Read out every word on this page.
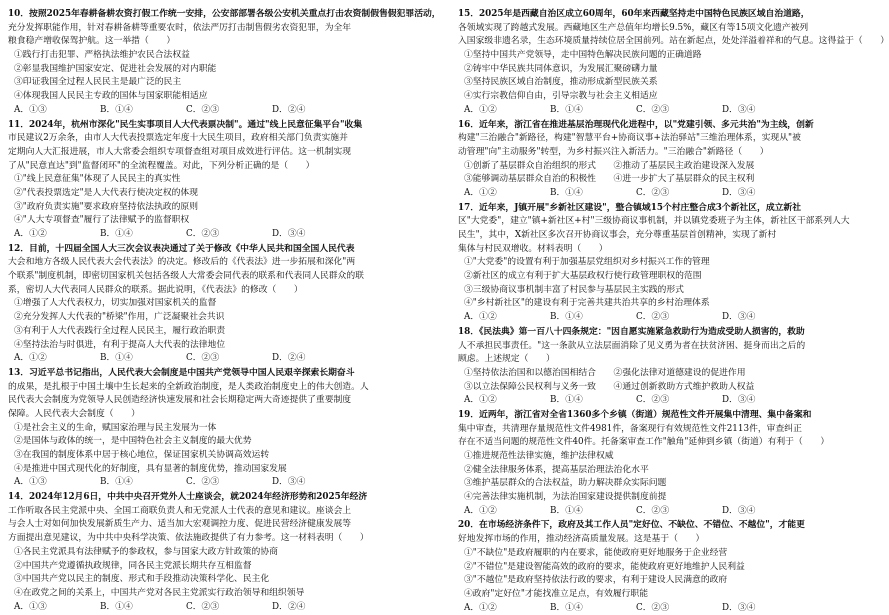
10．按照2025年春耕备耕农资打假工作统一安排，公安部部署各级公安机关重点打击农资制假售假犯罪活动，
充分发挥职能作用，针对春耕备耕等重要农时，依法严厉打击制售假劣农资犯罪，为全年
粮食稳产增收保驾护航。这一举措（　　）
①践行打击犯罪、严格执法维护农民合法权益
②彰显我国维护国家安定、促进社会发展的对内职能
③印证我国全过程人民民主是最广泛的民主
④体现我国人民民主专政的国体与国家职能相适应
A．①③	B．①④	C．②③	D．②④
11．2024年，杭州市深化"民生实事项目人大代表票决制"。通过"线上民意征集平台"收集
市民建议2万余条，由市人大代表投票选定年度十大民生项目，政府相关部门负责实施并
定期向人大汇报进展，市人大常委会组织专项督查组对项目成效进行评估。这一机制实现
了从"民意直达"到"监督闭环"的全流程覆盖。对此，下列分析正确的是（　　）
①"线上民意征集"体现了人民民主的真实性
②"代表投票选定"是人大代表行使决定权的体现
③"政府负责实施"要求政府坚持依法执政的原则
④"人大专项督查"履行了法律赋予的监督职权
A．①②	B．①④	C．②③	D．③④
12．目前，十四届全国人大三次会议表决通过了关于修改《中华人民共和国全国人民代表
大会和地方各级人民代表大会代表法》的决定。修改后的《代表法》进一步拓展和深化"两
个联系"制度机制，即密切国家机关包括各级人大常委会同代表的联系和代表同人民群众的联
系，密切人大代表同人民群众的联系。据此说明，《代表法》的修改（　　）
①增强了人大代表权力，切实加强对国家机关的监督
②充分发挥人大代表的"桥梁"作用，广泛凝聚社会共识
③有利于人大代表践行全过程人民民主，履行政治职责
④坚持法治与时俱进，有利于提高人大代表的法律地位
A．①②	B．①④	C．②③	D．②④
13．习近平总书记指出，人民代表大会制度是中国共产党领导中国人民艰辛探索长期奋斗
的成果，是扎根于中国土壤中生长起来的全新政治制度，是人类政治制度史上的伟大创造。人
民代表大会制度为党领导人民创造经济快速发展和社会长期稳定两大奇迹提供了重要制度
保障。人民代表大会制度（　　）
①是社会主义的生命，赋国家治理与民主发展为一体
②是国体与政体的统一，是中国特色社会主义制度的最大优势
③在我国的制度体系中居于核心地位，保证国家机关协调高效运转
④是推进中国式现代化的好制度，具有显著的制度优势，推动国家发展
A．①③	B．①④	C．②③	D．③④
14．2024年12月6日，中共中央召开党外人士座谈会，就2024年经济形势和2025年经济
工作听取各民主党派中央、全国工商联负责人和无党派人士代表的意见和建议。座谈会上
与会人士对如何加快发展新质生产力、适当加大宏观调控力度、促进民营经济健康发展等
方面提出意见建议，为中共中央科学决策、依法施政提供了有力参考。这一材料表明（　　）
①各民主党派具有法律赋予的参政权，参与国家大政方针政策的协商
②中国共产党遵循执政规律，同各民主党派长期共存互相监督
③中国共产党以民主的制度、形式和手段推动决策科学化、民主化
④在政党之间的关系上，中国共产党对各民主党派实行政治领导和组织领导
A．①③	B．①④	C．②③	D．②④
15．2025年是西藏自治区成立60周年，60年来西藏坚持走中国特色民族区域自治道路，
各领域实现了跨越式发展。西藏地区生产总值年均增长9.5%，藏区有等15项文化遗产被列
入国家级非遗名录，生态环境质量持续位居全国前列。站在新起点，处处洋溢着祥和的气息。这得益于（　　）
①坚持中国共产党领导，走中国特色解决民族问题的正确道路
②铸牢中华民族共同体意识，为发展汇聚磅礴力量
③坚持民族区域自治制度，推动形成新型民族关系
④实行宗教信仰自由，引导宗教与社会主义相适应
A．①②	B．①④	C．②③	D．③④
16．近年来，浙江省在推进基层治理现代化进程中，以"党建引领、多元共治"为主线，创新
构建"三治融合"新路径，构建"智慧平台+协商议事+法治驿站"三维治理体系，实现从"被
动管理"向"主动服务"转型，为乡村振兴注入新活力。"三治融合"新路径（　　）
①创新了基层群众自治组织的形式　　②推动了基层民主政治建设深入发展
③能够调动基层群众自治的积极性　　④进一步扩大了基层群众的民主权利
A．①②	B．①④	C．②③	D．③④
17．近年来，J镇开展"乡新社区建设"，整合镇域15个村庄整合成3个新社区，成立新社
区"大党委"，建立"镇+新社区+村"三级协商议事机制，并以镇党委班子为主体，新社区干部系列人大
民生"，其中，X新社区多次召开协商议事会，充分尊重基层首创精神，实现了新村
集体与村民双增收。材料表明（　　）
①"大党委"的设置有利于加强基层党组织对乡村振兴工作的管理
②新社区的成立有利于扩大基层政权行使行政管理职权的范围
③三级协商议事机制丰富了村民参与基层民主实践的形式
④"乡村新社区"的建设有利于完善共建共治共享的乡村治理体系
A．①②	B．①④	C．②③	D．③④
18．《民法典》第一百八十四条规定："因自愿实施紧急救助行为造成受助人损害的，救助
人不承担民事责任。"这一条款从立法层面消除了见义勇为者在扶贫济困、挺身而出之后的
顾虑。上述规定（　　）
①坚持依法治国和以德治国相结合　　②强化法律对道德建设的促进作用
③以立法保障公民权利与义务一致　　④通过创新救助方式维护救助人权益
A．①②	B．①④	C．②③	D．③④
19．近两年，浙江省对全省1360多个乡镇（街道）规范性文件开展集中清理、集中备案和
集中审查，共清理存量规范性文件4981件，备案现行有效规范性文件2113件，审查纠正
存在不适当问题的规范性文件40件。托备案审查工作"触角"延伸到乡镇（街道）有利于（　　）
①推进规范性法律实施，维护法律权威
②健全法律服务体系，提高基层治理法治化水平
③维护基层群众的合法权益，助力解决群众实际问题
④完善法律实施机制，为法治国家建设提供制度前提
A．①②	B．①④	C．②③	D．③④
20．在市场经济条件下，政府及其工作人员"定好位、不缺位、不错位、不越位"，才能更
好地发挥市场的作用，推动经济高质量发展。这是基于（　　）
①"不缺位"是政府履职的内在要求，能使政府更好地服务于企业经营
②"不错位"是建设智能高效的政府的要求，能使政府更好地维护人民利益
③"不越位"是政府坚持依法行政的要求，有利于建设人民满意的政府
④政府"定好位"才能找准立足点，有效履行职能
A．①②	B．①④	C．②③	D．③④
